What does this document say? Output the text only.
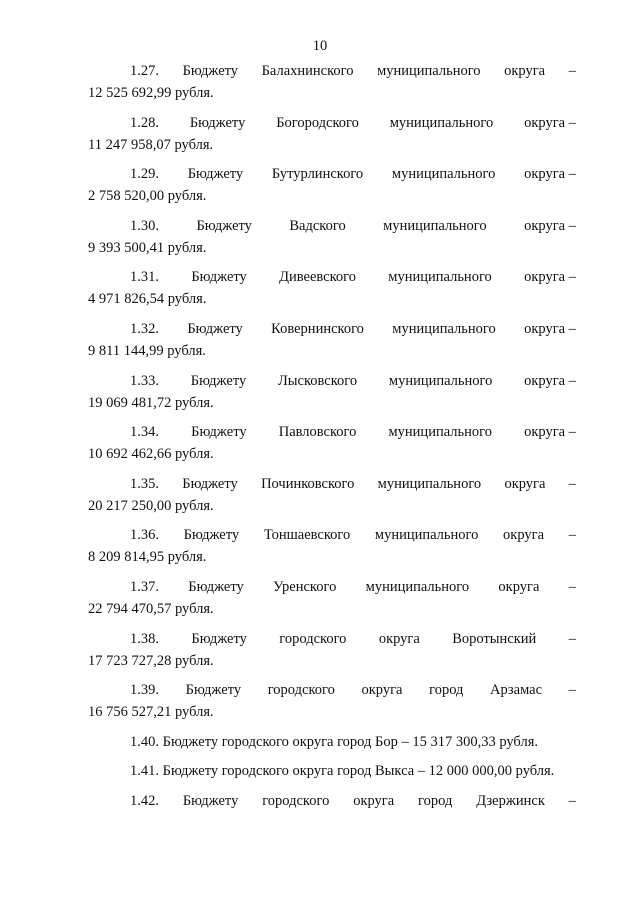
10
1.27. Бюджету Балахнинского муниципального округа –
12 525 692,99 рубля.
1.28. Бюджету Богородского муниципального округа –
11 247 958,07 рубля.
1.29. Бюджету Бутурлинского муниципального округа –
2 758 520,00 рубля.
1.30.	Бюджету	Вадского	муниципального	округа –
9 393 500,41 рубля.
1.31. Бюджету Дивеевского муниципального округа –
4 971 826,54 рубля.
1.32. Бюджету Ковернинского муниципального округа –
9 811 144,99 рубля.
1.33. Бюджету Лысковского муниципального округа –
19 069 481,72 рубля.
1.34. Бюджету Павловского муниципального округа –
10 692 462,66 рубля.
1.35. Бюджету Починковского муниципального округа –
20 217 250,00 рубля.
1.36. Бюджету Тоншаевского муниципального округа –
8 209 814,95 рубля.
1.37. Бюджету Уренского муниципального округа –
22 794 470,57 рубля.
1.38. Бюджету городского округа Воротынский –
17 723 727,28 рубля.
1.39. Бюджету городского округа город Арзамас –
16 756 527,21 рубля.
1.40. Бюджету городского округа город Бор – 15 317 300,33 рубля.
1.41. Бюджету городского округа город Выкса – 12 000 000,00 рубля.
1.42. Бюджету городского округа город Дзержинск –
